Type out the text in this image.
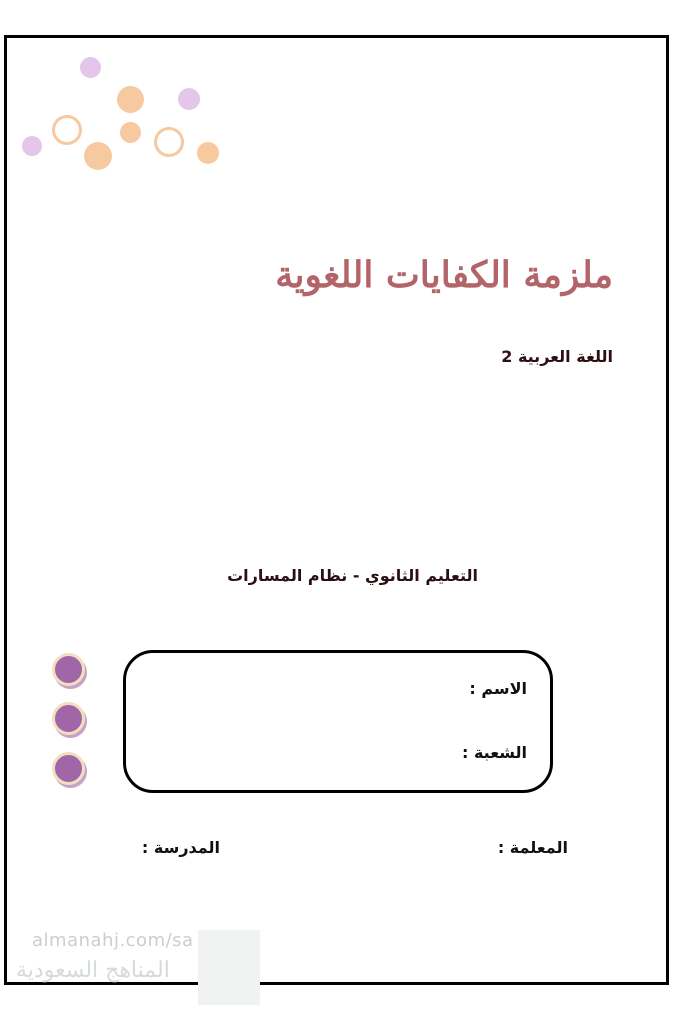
ملزمة الكفايات اللغوية
اللغة العربية 2
التعليم الثانوي - نظام المسارات
الاسم :
الشعبة :
المعلمة :
المدرسة :
almanahj.com/sa
المناهج السعودية
